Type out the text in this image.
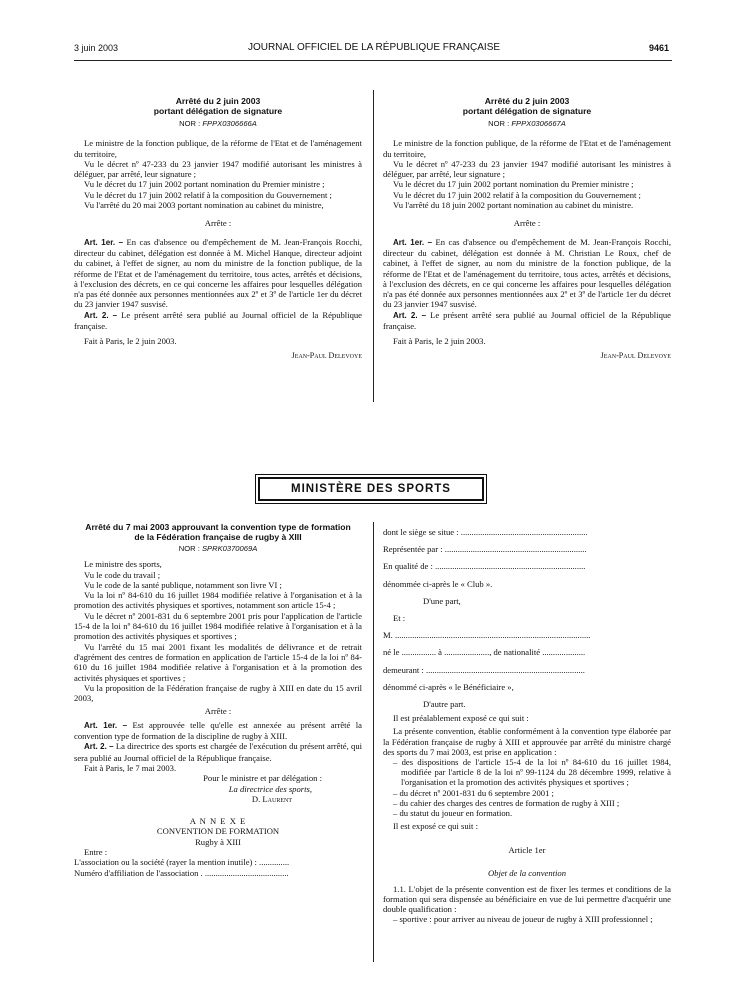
3 juin 2003	JOURNAL OFFICIEL DE LA RÉPUBLIQUE FRANÇAISE	9461
Arrêté du 2 juin 2003
portant délégation de signature
NOR : FPPX0306666A

Le ministre de la fonction publique, de la réforme de l'Etat et de l'aménagement du territoire,

Vu le décret nº 47-233 du 23 janvier 1947 modifié autorisant les ministres à déléguer, par arrêté, leur signature ;

Vu le décret du 17 juin 2002 portant nomination du Premier ministre ;

Vu le décret du 17 juin 2002 relatif à la composition du Gouvernement ;

Vu l'arrêté du 20 mai 2003 portant nomination au cabinet du ministre,

Arrête :

Art. 1er. – En cas d'absence ou d'empêchement de M. Jean-François Rocchi, directeur du cabinet, délégation est donnée à M. Michel Hanque, directeur adjoint du cabinet, à l'effet de signer, au nom du ministre de la fonction publique, de la réforme de l'Etat et de l'aménagement du territoire, tous actes, arrêtés et décisions, à l'exclusion des décrets, en ce qui concerne les affaires pour lesquelles délégation n'a pas été donnée aux personnes mentionnées aux 2º et 3º de l'article 1er du décret du 23 janvier 1947 susvisé.

Art. 2. – Le présent arrêté sera publié au Journal officiel de la République française.

Fait à Paris, le 2 juin 2003.

Jean-Paul Delevoye

Arrêté du 2 juin 2003
portant délégation de signature
NOR : FPPX0306667A

Le ministre de la fonction publique, de la réforme de l'Etat et de l'aménagement du territoire,

Vu le décret nº 47-233 du 23 janvier 1947 modifié autorisant les ministres à déléguer, par arrêté, leur signature ;

Vu le décret du 17 juin 2002 portant nomination du Premier ministre ;

Vu le décret du 17 juin 2002 relatif à la composition du Gouvernement ;

Vu l'arrêté du 18 juin 2002 portant nomination au cabinet du ministre.

Arrête :

Art. 1er. – En cas d'absence ou d'empêchement de M. Jean-François Rocchi, directeur du cabinet, délégation est donnée à M. Christian Le Roux, chef de cabinet, à l'effet de signer, au nom du ministre de la fonction publique, de la réforme de l'Etat et de l'aménagement du territoire, tous actes, arrêtés et décisions, à l'exclusion des décrets, en ce qui concerne les affaires pour lesquelles délégation n'a pas été donnée aux personnes mentionnées aux 2º et 3º de l'article 1er du décret du 23 janvier 1947 susvisé.

Art. 2. – Le présent arrêté sera publié au Journal officiel de la République française.

Fait à Paris, le 2 juin 2003.

Jean-Paul Delevoye

MINISTÈRE DES SPORTS
Arrêté du 7 mai 2003 approuvant la convention type de formation de la Fédération française de rugby à XIII
NOR : SPRK0370069A

Le ministre des sports,

Vu le code du travail ;

Vu le code de la santé publique, notamment son livre VI ;

Vu la loi nº 84-610 du 16 juillet 1984 modifiée relative à l'organisation et à la promotion des activités physiques et sportives, notamment son article 15-4 ;

Vu le décret nº 2001-831 du 6 septembre 2001 pris pour l'application de l'article 15-4 de la loi nº 84-610 du 16 juillet 1984 modifiée relative à l'organisation et à la promotion des activités physiques et sportives ;

Vu l'arrêté du 15 mai 2001 fixant les modalités de délivrance et de retrait d'agrément des centres de formation en application de l'article 15-4 de la loi nº 84-610 du 16 juillet 1984 modifiée relative à l'organisation et à la promotion des activités physiques et sportives ;

Vu la proposition de la Fédération française de rugby à XIII en date du 15 avril 2003,

Arrête :

Art. 1er. – Est approuvée telle qu'elle est annexée au présent arrêté la convention type de formation de la discipline de rugby à XIII.

Art. 2. – La directrice des sports est chargée de l'exécution du présent arrêté, qui sera publié au Journal officiel de la République française.

Fait à Paris, le 7 mai 2003.

Pour le ministre et par délégation :

La directrice des sports,

D. Laurent

A N N E X E

CONVENTION DE FORMATION

Rugby à XIII

Entre :

L'association ou la société (rayer la mention inutile) : ..............

Numéro d'affiliation de l'association . .......................................

dont le siège se situe : ...........................................................

Représentée par : ..................................................................

En qualité de : ......................................................................

dénommée ci-après le « Club ».

D'une part,

Et :

M. ...........................................................................................

né le ................ à ....................., de nationalité ....................

demeurant : ..........................................................................

dénommé ci-après « le Bénéficiaire »,

D'autre part.

Il est préalablement exposé ce qui suit :

La présente convention, établie conformément à la convention type élaborée par la Fédération française de rugby à XIII et approuvée par arrêté du ministre chargé des sports du 7 mai 2003, est prise en application :

– des dispositions de l'article 15-4 de la loi nº 84-610 du 16 juillet 1984, modifiée par l'article 8 de la loi nº 99-1124 du 28 décembre 1999, relative à l'organisation et la promotion des activités physiques et sportives ;
– du décret nº 2001-831 du 6 septembre 2001 ;
– du cahier des charges des centres de formation de rugby à XIII ;
– du statut du joueur en formation.

Il est exposé ce qui suit :

Article 1er

Objet de la convention

1.1. L'objet de la présente convention est de fixer les termes et conditions de la formation qui sera dispensée au bénéficiaire en vue de lui permettre d'acquérir une double qualification :

– sportive : pour arriver au niveau de joueur de rugby à XIII professionnel ;
